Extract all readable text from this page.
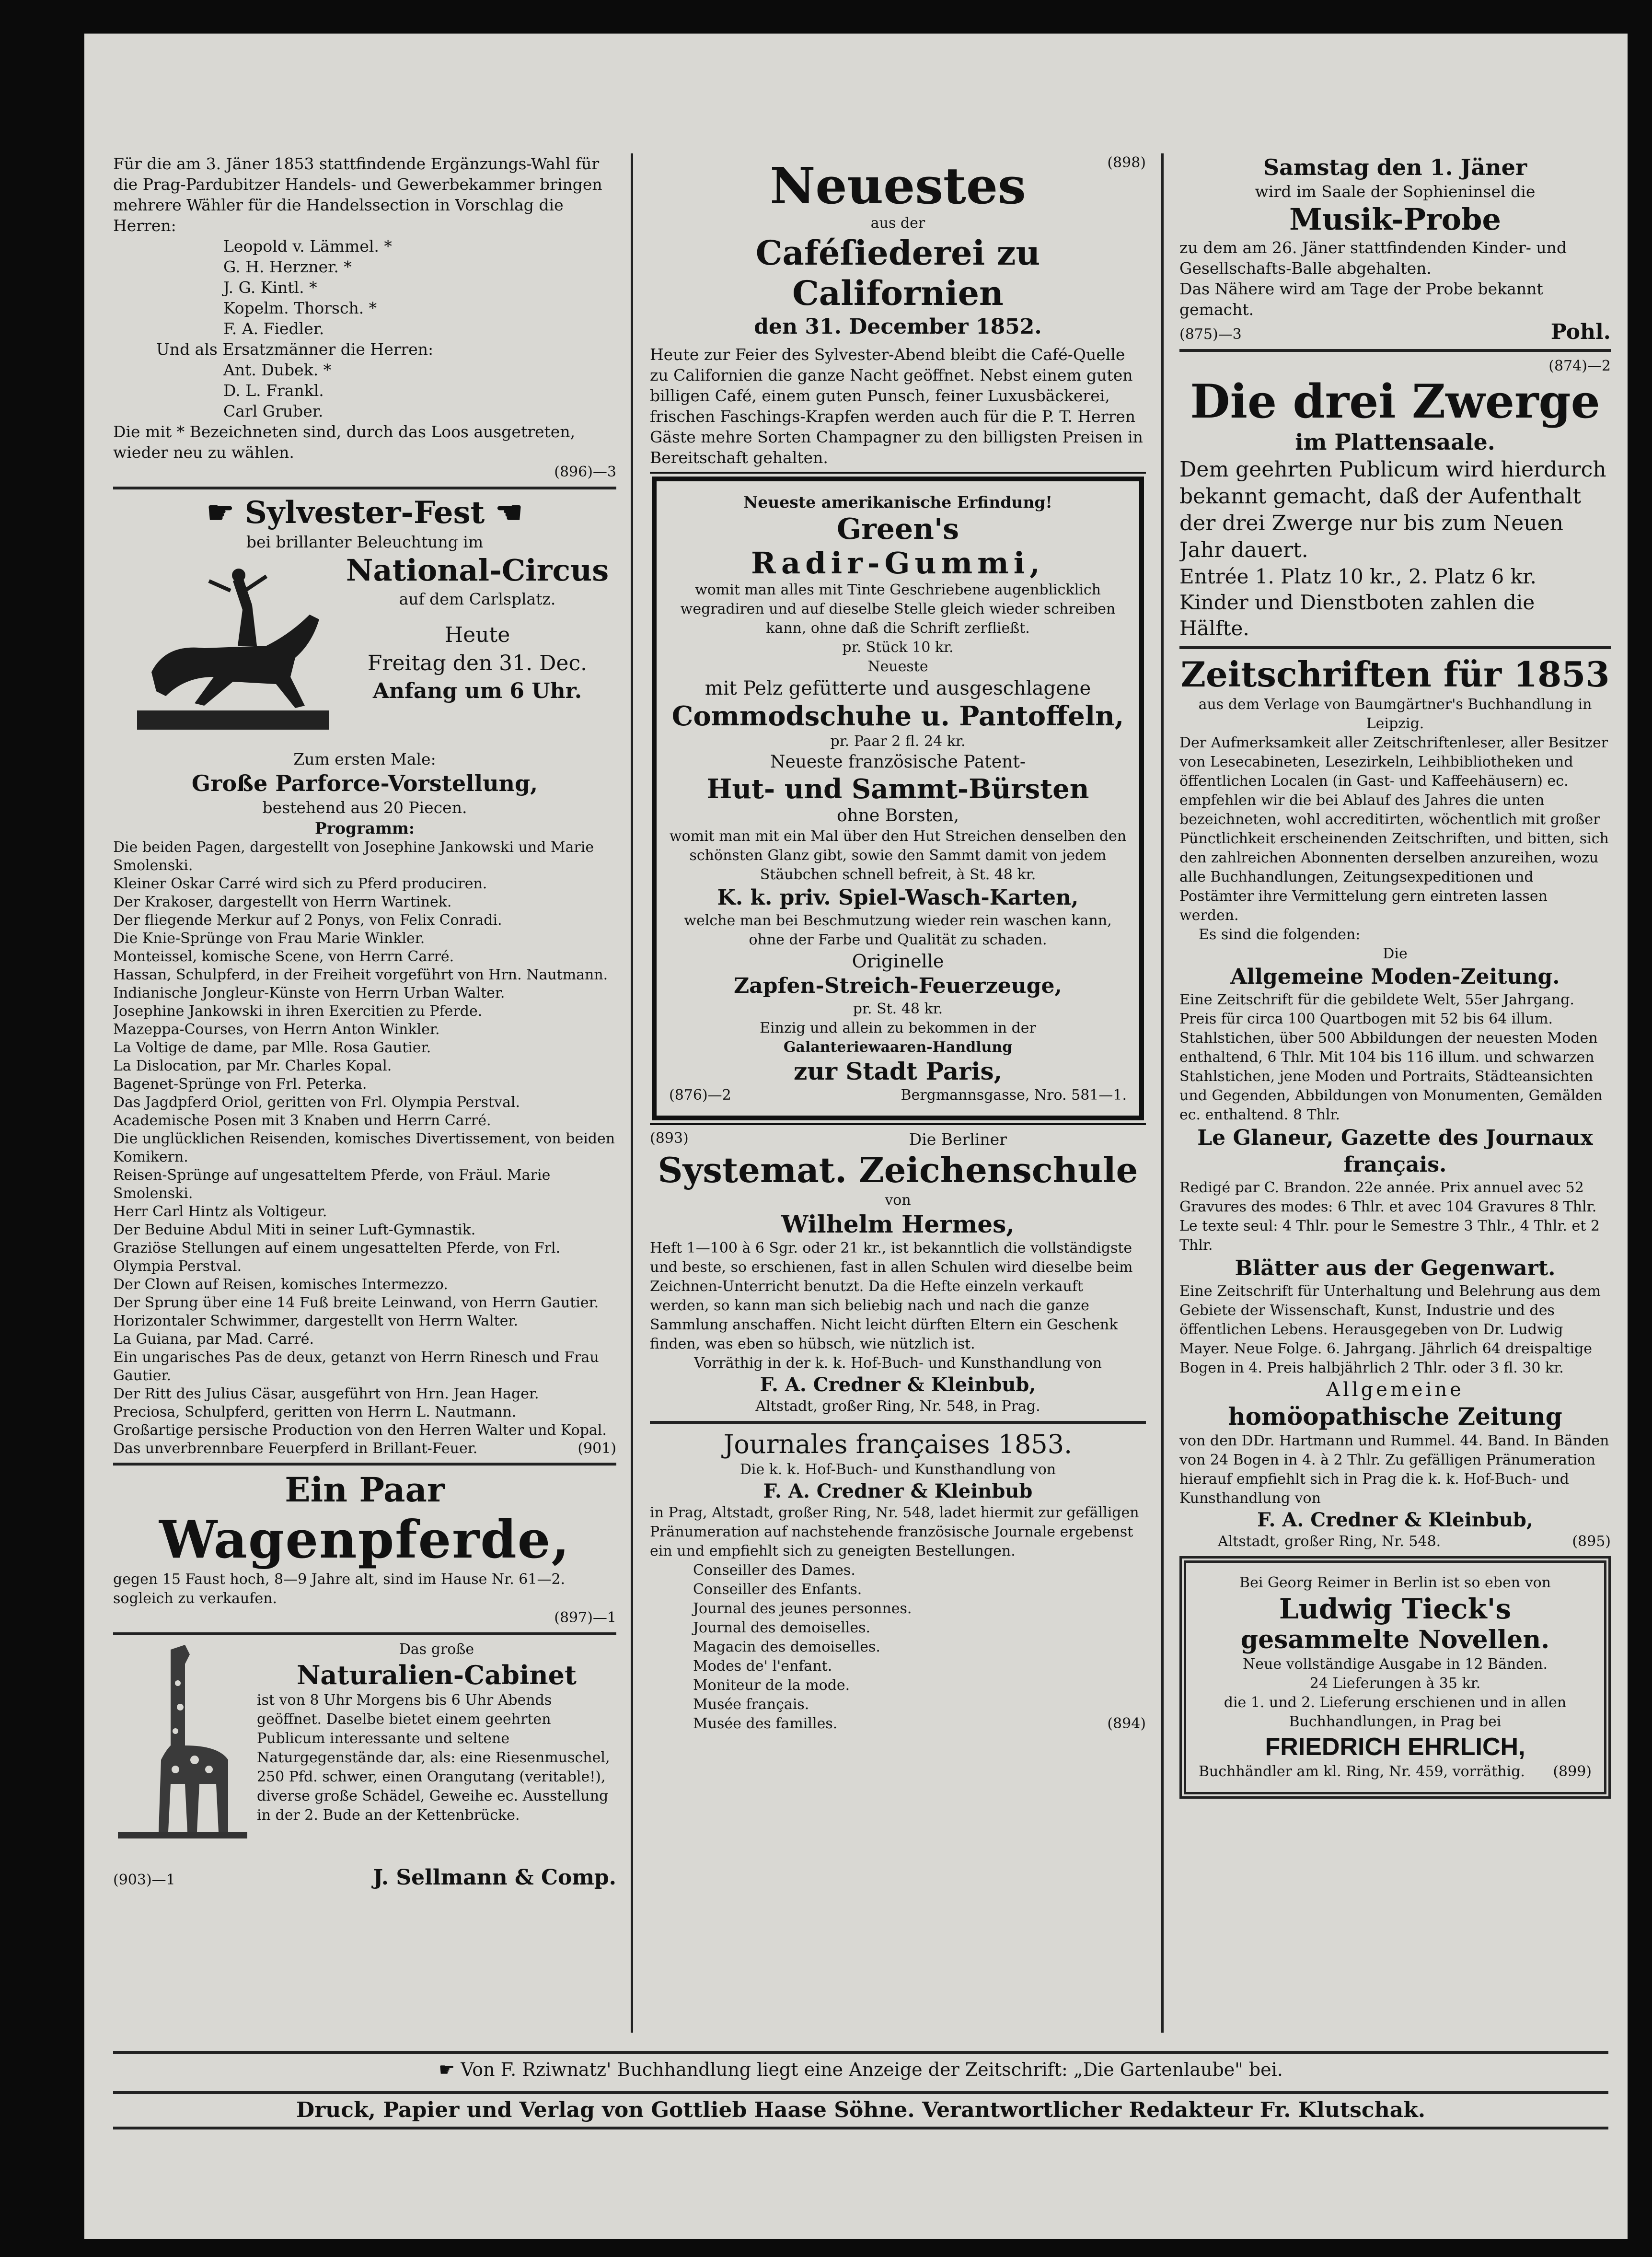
Für die am 3. Jäner 1853 stattfindende Ergänzungs-Wahl für die Prag-Pardubitzer Handels- und Gewerbekammer bringen mehrere Wähler für die Handelssection in Vorschlag die Herren:

Leopold v. Lämmel. *
G. H. Herzner. *
J. G. Kintl. *
Kopelm. Thorsch. *
F. A. Fiedler.

Und als Ersatzmänner die Herren:

Ant. Dubek. *
D. L. Frankl.
Carl Gruber.

Die mit * Bezeichneten sind, durch das Loos ausgetreten, wieder neu zu wählen.

(896)—3

☛ Sylvester-Fest ☚

bei brillanter Beleuchtung im

National-Circus
auf dem Carlsplatz.
Heute
Freitag den 31. Dec.
Anfang um 6 Uhr.

Zum ersten Male:

Große Parforce-Vorstellung,

bestehend aus 20 Piecen.

Programm:

Die beiden Pagen, dargestellt von Josephine Jankowski und Marie Smolenski.
Kleiner Oskar Carré wird sich zu Pferd produciren.
Der Krakoser, dargestellt von Herrn Wartinek.
Der fliegende Merkur auf 2 Ponys, von Felix Conradi.
Die Knie-Sprünge von Frau Marie Winkler.
Monteissel, komische Scene, von Herrn Carré.
Hassan, Schulpferd, in der Freiheit vorgeführt von Hrn. Nautmann.
Indianische Jongleur-Künste von Herrn Urban Walter.
Josephine Jankowski in ihren Exercitien zu Pferde.
Mazeppa-Courses, von Herrn Anton Winkler.
La Voltige de dame, par Mlle. Rosa Gautier.
La Dislocation, par Mr. Charles Kopal.
Bagenet-Sprünge von Frl. Peterka.
Das Jagdpferd Oriol, geritten von Frl. Olympia Perstval.
Academische Posen mit 3 Knaben und Herrn Carré.
Die unglücklichen Reisenden, komisches Divertissement, von beiden Komikern.
Reisen-Sprünge auf ungesatteltem Pferde, von Fräul. Marie Smolenski.
Herr Carl Hintz als Voltigeur.
Der Beduine Abdul Miti in seiner Luft-Gymnastik.
Graziöse Stellungen auf einem ungesattelten Pferde, von Frl. Olympia Perstval.
Der Clown auf Reisen, komisches Intermezzo.
Der Sprung über eine 14 Fuß breite Leinwand, von Herrn Gautier.
Horizontaler Schwimmer, dargestellt von Herrn Walter.
La Guiana, par Mad. Carré.
Ein ungarisches Pas de deux, getanzt von Herrn Rinesch und Frau Gautier.
Der Ritt des Julius Cäsar, ausgeführt von Hrn. Jean Hager.
Preciosa, Schulpferd, geritten von Herrn L. Nautmann.
Großartige persische Production von den Herren Walter und Kopal.
Das unverbrennbare Feuerpferd in Brillant-Feuer.	(901)
Ein Paar
Wagenpferde,

gegen 15 Faust hoch, 8—9 Jahre alt, sind im Hause Nr. 61—2. sogleich zu verkaufen.

(897)—1

Das große

Naturalien-Cabinet

ist von 8 Uhr Morgens bis 6 Uhr Abends geöffnet. Daselbe bietet einem geehrten Publicum interessante und seltene Naturgegenstände dar, als: eine Riesenmuschel, 250 Pfd. schwer, einen Orangutang (veritable!), diverse große Schädel, Geweihe ec. Ausstellung in der 2. Bude an der Kettenbrücke.

(903)—1	J. Sellmann & Comp.

(898)

Neuestes

aus der

Caféſiederei zu Californien
den 31. December 1852.

Heute zur Feier des Sylvester-Abend bleibt die Café-Quelle zu Californien die ganze Nacht geöffnet. Nebst einem guten billigen Café, einem guten Punsch, feiner Luxusbäckerei, frischen Faschings-Krapfen werden auch für die P. T. Herren Gäste mehre Sorten Champagner zu den billigsten Preisen in Bereitschaft gehalten.

Neueste amerikanische Erfindung!

Green's

Radir-Gummi,

womit man alles mit Tinte Geschriebene augenblicklich wegradiren und auf dieselbe Stelle gleich wieder schreiben kann, ohne daß die Schrift zerfließt.

pr. Stück 10 kr.

Neueste

mit Pelz gefütterte und ausgeschlagene

Commodschuhe u. Pantoffeln,

pr. Paar 2 fl. 24 kr.

Neueste französische Patent-

Hut- und Sammt-Bürsten

ohne Borsten,

womit man mit ein Mal über den Hut Streichen denselben den schönsten Glanz gibt, sowie den Sammt damit von jedem Stäubchen schnell befreit, à St. 48 kr.

K. k. priv. Spiel-Wasch-Karten,

welche man bei Beschmutzung wieder rein waschen kann, ohne der Farbe und Qualität zu schaden.

Originelle

Zapfen-Streich-Feuerzeuge,

pr. St. 48 kr.

Einzig und allein zu bekommen in der

Galanteriewaaren-Handlung

zur Stadt Paris,

(876)—2	Bergmannsgasse, Nro. 581—1.
(893)	Die Berliner
Systemat. Zeichenschule

von

Wilhelm Hermes,

Heft 1—100 à 6 Sgr. oder 21 kr., ist bekanntlich die vollständigste und beste, so erschienen, fast in allen Schulen wird dieselbe beim Zeichnen-Unterricht benutzt. Da die Hefte einzeln verkauft werden, so kann man sich beliebig nach und nach die ganze Sammlung anschaffen. Nicht leicht dürften Eltern ein Geschenk finden, was eben so hübsch, wie nützlich ist.

Vorräthig in der k. k. Hof-Buch- und Kunsthandlung von

F. A. Credner & Kleinbub,

Altstadt, großer Ring, Nr. 548, in Prag.

Journales françaises 1853.

Die k. k. Hof-Buch- und Kunsthandlung von

F. A. Credner & Kleinbub

in Prag, Altstadt, großer Ring, Nr. 548, ladet hiermit zur gefälligen Pränumeration auf nachstehende französische Journale ergebenst ein und empfiehlt sich zu geneigten Bestellungen.

Conseiller des Dames.
Conseiller des Enfants.
Journal des jeunes personnes.
Journal des demoiselles.
Magacin des demoiselles.
Modes de' l'enfant.
Moniteur de la mode.
Musée français.
Musée des familles.	(894)

Samstag den 1. Jäner

wird im Saale der Sophieninsel die

Musik-Probe

zu dem am 26. Jäner stattfindenden Kinder- und Gesellschafts-Balle abgehalten.

Das Nähere wird am Tage der Probe bekannt gemacht.

(875)—3	Pohl.

(874)—2

Die drei Zwerge

im Plattensaale.

Dem geehrten Publicum wird hierdurch bekannt gemacht, daß der Aufenthalt der drei Zwerge nur bis zum Neuen Jahr dauert.

Entrée 1. Platz 10 kr., 2. Platz 6 kr.

Kinder und Dienstboten zahlen die Hälfte.

Zeitschriften für 1853

aus dem Verlage von Baumgärtner's Buchhandlung in Leipzig.

Der Aufmerksamkeit aller Zeitschriftenleser, aller Besitzer von Lesecabineten, Lesezirkeln, Leihbibliotheken und öffentlichen Localen (in Gast- und Kaffeehäusern) ec. empfehlen wir die bei Ablauf des Jahres die unten bezeichneten, wohl accreditirten, wöchentlich mit großer Pünctlichkeit erscheinenden Zeitschriften, und bitten, sich den zahlreichen Abonnenten derselben anzureihen, wozu alle Buchhandlungen, Zeitungsexpeditionen und Postämter ihre Vermittelung gern eintreten lassen werden.

Es sind die folgenden:

Die

Allgemeine Moden-Zeitung.

Eine Zeitschrift für die gebildete Welt, 55er Jahrgang. Preis für circa 100 Quartbogen mit 52 bis 64 illum. Stahlstichen, über 500 Abbildungen der neuesten Moden enthaltend, 6 Thlr. Mit 104 bis 116 illum. und schwarzen Stahlstichen, jene Moden und Portraits, Städteansichten und Gegenden, Abbildungen von Monumenten, Gemälden ec. enthaltend. 8 Thlr.

Le Glaneur, Gazette des Journaux français.

Redigé par C. Brandon. 22e année. Prix annuel avec 52 Gravures des modes: 6 Thlr. et avec 104 Gravures 8 Thlr. Le texte seul: 4 Thlr. pour le Semestre 3 Thlr., 4 Thlr. et 2 Thlr.

Blätter aus der Gegenwart.

Eine Zeitschrift für Unterhaltung und Belehrung aus dem Gebiete der Wissenschaft, Kunst, Industrie und des öffentlichen Lebens. Herausgegeben von Dr. Ludwig Mayer. Neue Folge. 6. Jahrgang. Jährlich 64 dreispaltige Bogen in 4. Preis halbjährlich 2 Thlr. oder 3 fl. 30 kr.

Allgemeine

homöopathische Zeitung

von den DDr. Hartmann und Rummel. 44. Band. In Bänden von 24 Bogen in 4. à 2 Thlr. Zu gefälligen Pränumeration hierauf empfiehlt sich in Prag die k. k. Hof-Buch- und Kunsthandlung von

F. A. Credner & Kleinbub,

Altstadt, großer Ring, Nr. 548.	(895)

Bei Georg Reimer in Berlin ist so eben von

Ludwig Tieck's

gesammelte Novellen.

Neue vollständige Ausgabe in 12 Bänden.

24 Lieferungen à 35 kr.

die 1. und 2. Lieferung erschienen und in allen Buchhandlungen, in Prag bei

FRIEDRICH EHRLICH,

Buchhändler am kl. Ring, Nr. 459, vorräthig. (899)
☛ Von F. Rziwnatz' Buchhandlung liegt eine Anzeige der Zeitschrift: „Die Gartenlaube" bei.
Druck, Papier und Verlag von Gottlieb Haase Söhne. Verantwortlicher Redakteur Fr. Klutschak.
